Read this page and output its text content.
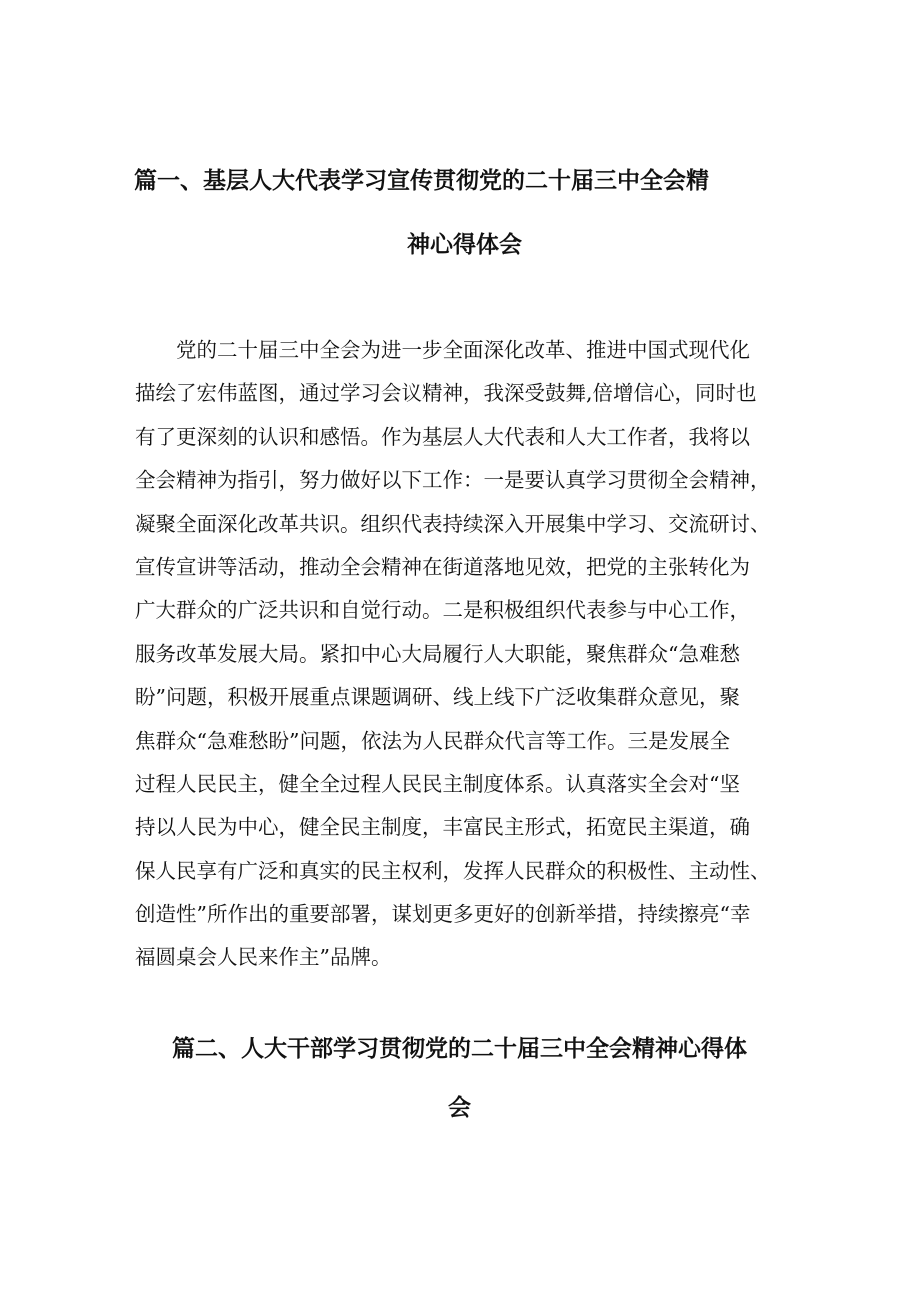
篇一、基层人大代表学习宣传贯彻党的二十届三中全会精
神心得体会
　　党的二十届三中全会为进一步全面深化改革、推进中国式现代化
描绘了宏伟蓝图，通过学习会议精神，我深受鼓舞,倍增信心，同时也
有了更深刻的认识和感悟。作为基层人大代表和人大工作者，我将以
全会精神为指引，努力做好以下工作：一是要认真学习贯彻全会精神，
凝聚全面深化改革共识。组织代表持续深入开展集中学习、交流研讨、
宣传宣讲等活动，推动全会精神在街道落地见效，把党的主张转化为
广大群众的广泛共识和自觉行动。二是积极组织代表参与中心工作，
服务改革发展大局。紧扣中心大局履行人大职能，聚焦群众“急难愁
盼”问题，积极开展重点课题调研、线上线下广泛收集群众意见，聚
焦群众“急难愁盼”问题，依法为人民群众代言等工作。三是发展全
过程人民民主，健全全过程人民民主制度体系。认真落实全会对“坚
持以人民为中心，健全民主制度，丰富民主形式，拓宽民主渠道，确
保人民享有广泛和真实的民主权利，发挥人民群众的积极性、主动性、
创造性”所作出的重要部署，谋划更多更好的创新举措，持续擦亮“幸
福圆桌会人民来作主”品牌。
篇二、人大干部学习贯彻党的二十届三中全会精神心得体
会
